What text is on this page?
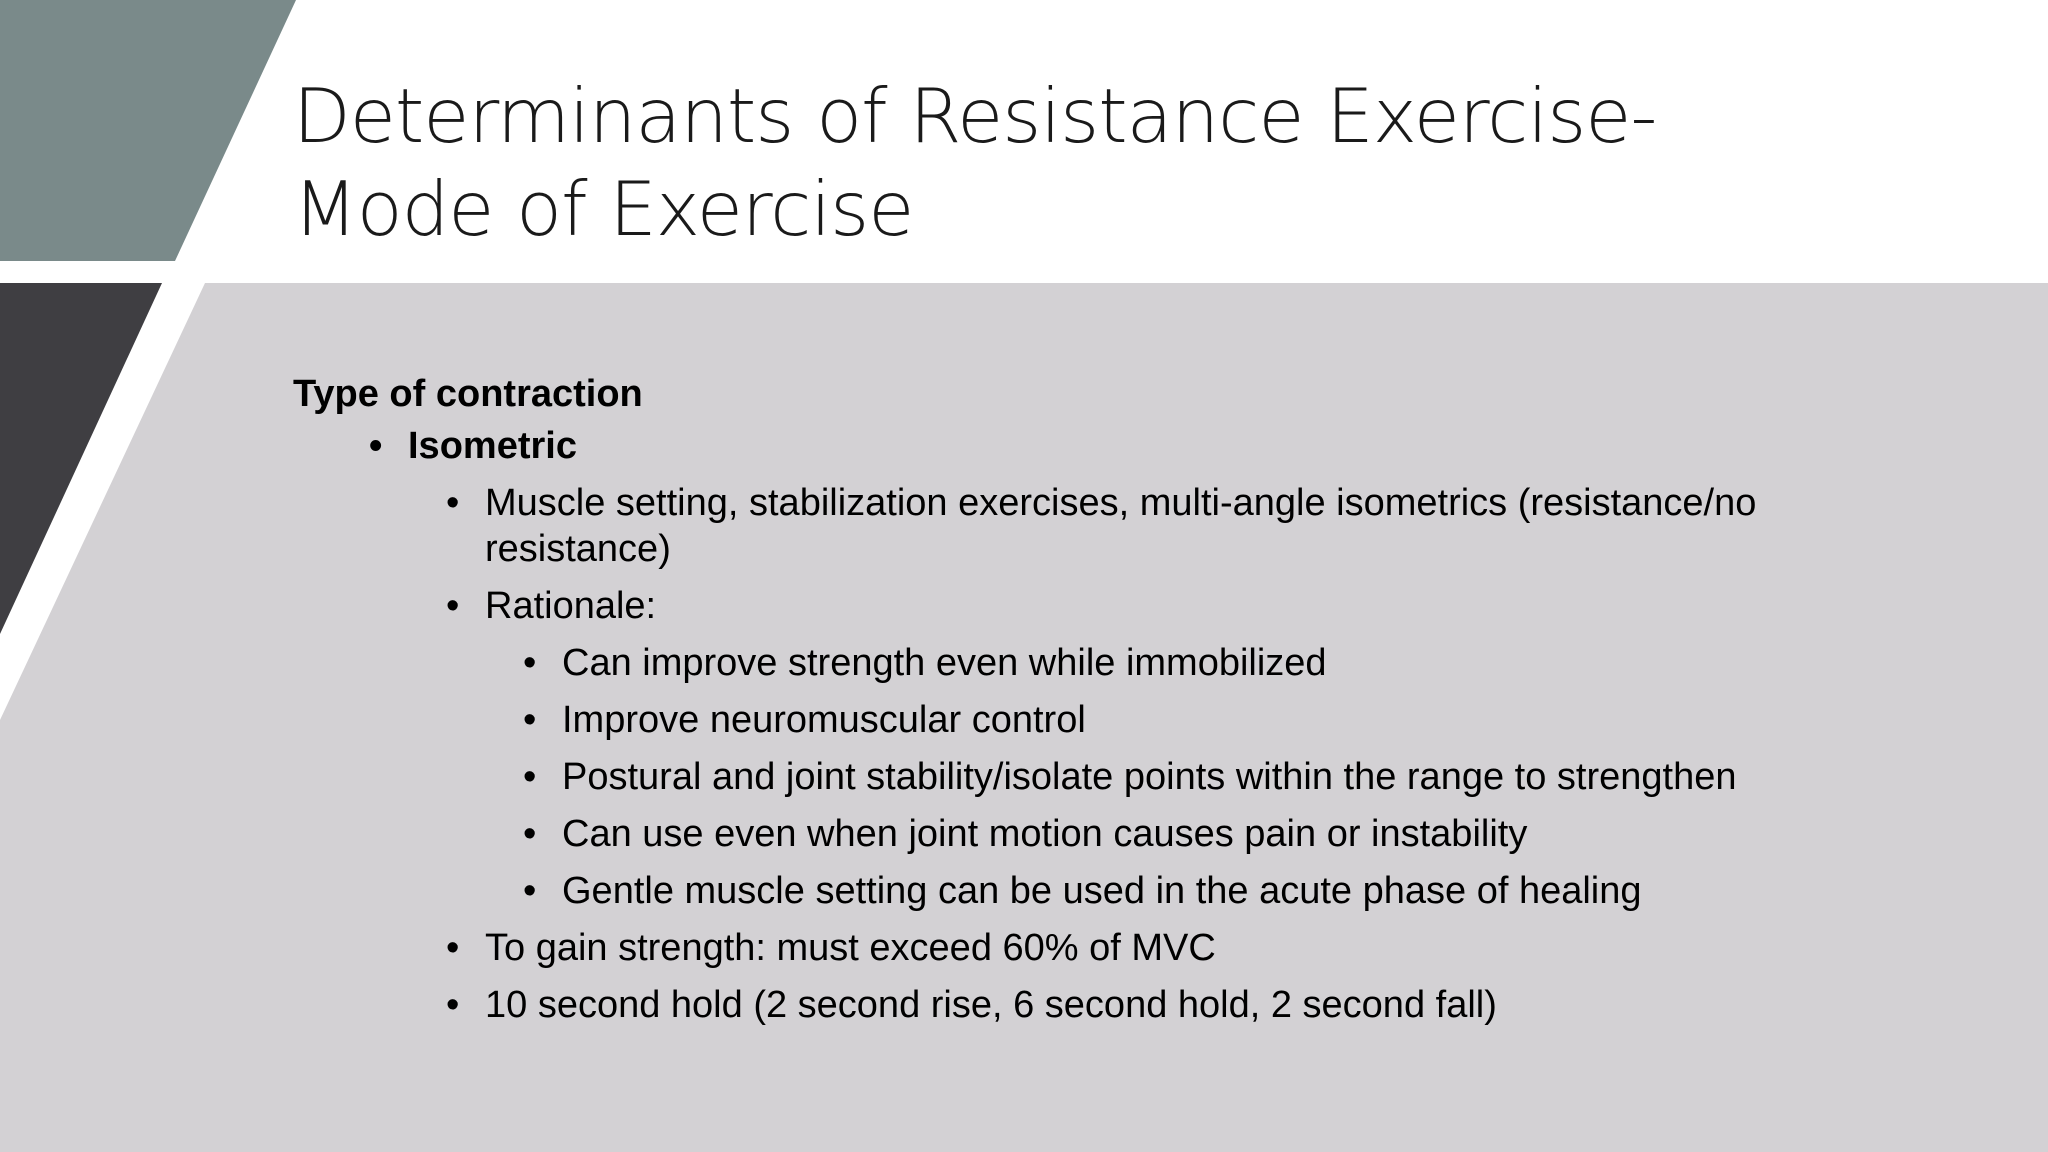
Determinants of Resistance Exercise- Mode of Exercise
Type of contraction
• Isometric
• Muscle setting, stabilization exercises, multi-angle isometrics (resistance/no resistance)
• Rationale:
• Can improve strength even while immobilized
• Improve neuromuscular control
• Postural and joint stability/isolate points within the range to strengthen
• Can use even when joint motion causes pain or instability
• Gentle muscle setting can be used in the acute phase of healing
• To gain strength: must exceed 60% of MVC
• 10 second hold (2 second rise, 6 second hold, 2 second fall)
